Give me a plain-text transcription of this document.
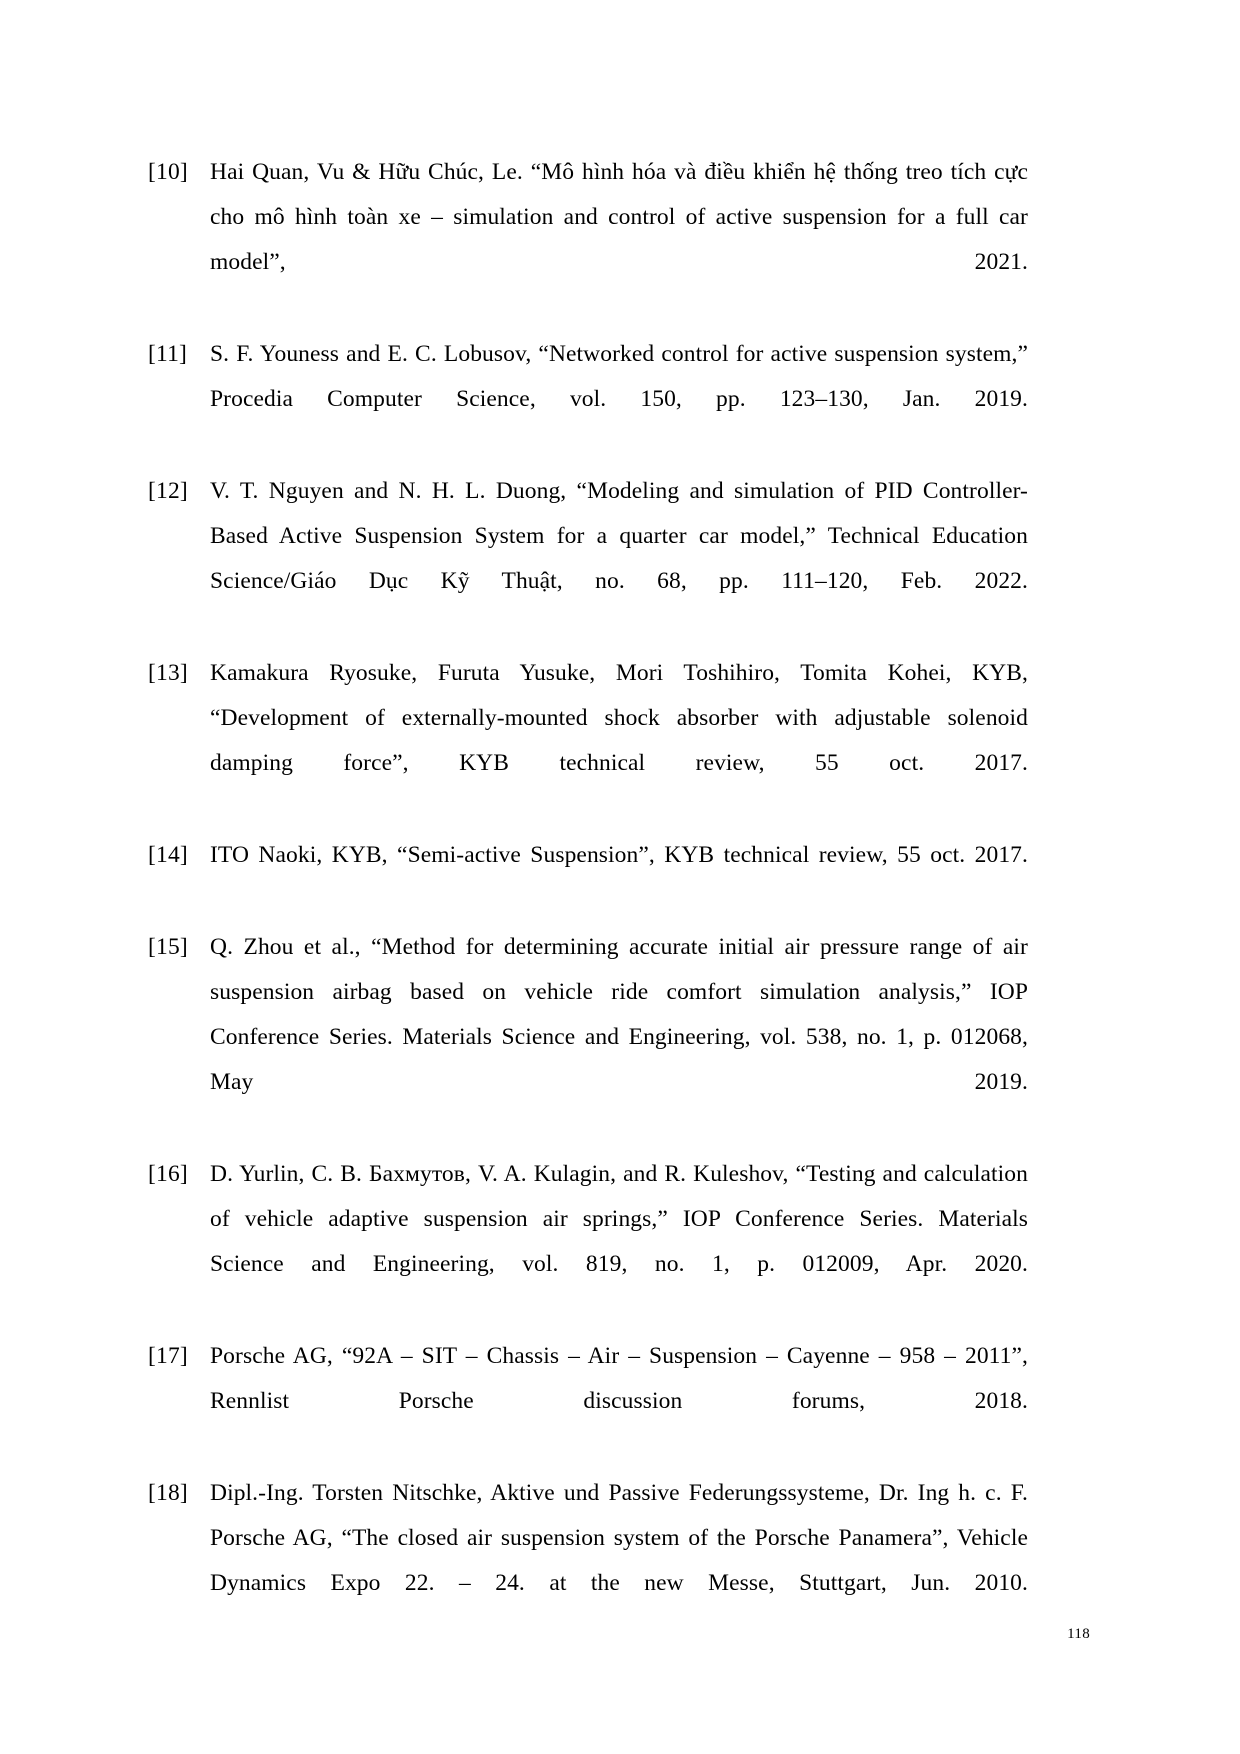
[10] Hai Quan, Vu & Hữu Chúc, Le. “Mô hình hóa và điều khiển hệ thống treo tích cực cho mô hình toàn xe – simulation and control of active suspension for a full car model”, 2021.
[11] S. F. Youness and E. C. Lobusov, “Networked control for active suspension system,” Procedia Computer Science, vol. 150, pp. 123–130, Jan. 2019.
[12] V. T. Nguyen and N. H. L. Duong, “Modeling and simulation of PID Controller-Based Active Suspension System for a quarter car model,” Technical Education Science/Giáo Dục Kỹ Thuật, no. 68, pp. 111–120, Feb. 2022.
[13] Kamakura Ryosuke, Furuta Yusuke, Mori Toshihiro, Tomita Kohei, KYB, “Development of externally-mounted shock absorber with adjustable solenoid damping force”, KYB technical review, 55 oct. 2017.
[14] ITO Naoki, KYB, “Semi-active Suspension”, KYB technical review, 55 oct. 2017.
[15] Q. Zhou et al., “Method for determining accurate initial air pressure range of air suspension airbag based on vehicle ride comfort simulation analysis,” IOP Conference Series. Materials Science and Engineering, vol. 538, no. 1, p. 012068, May 2019.
[16] D. Yurlin, С. В. Бахмутов, V. A. Kulagin, and R. Kuleshov, “Testing and calculation of vehicle adaptive suspension air springs,” IOP Conference Series. Materials Science and Engineering, vol. 819, no. 1, p. 012009, Apr. 2020.
[17] Porsche AG, “92A – SIT – Chassis – Air – Suspension – Cayenne – 958 – 2011”, Rennlist Porsche discussion forums, 2018.
[18] Dipl.-Ing. Torsten Nitschke, Aktive und Passive Federungssysteme, Dr. Ing h. c. F. Porsche AG, “The closed air suspension system of the Porsche Panamera”, Vehicle Dynamics Expo 22. – 24. at the new Messe, Stuttgart, Jun. 2010.
118
